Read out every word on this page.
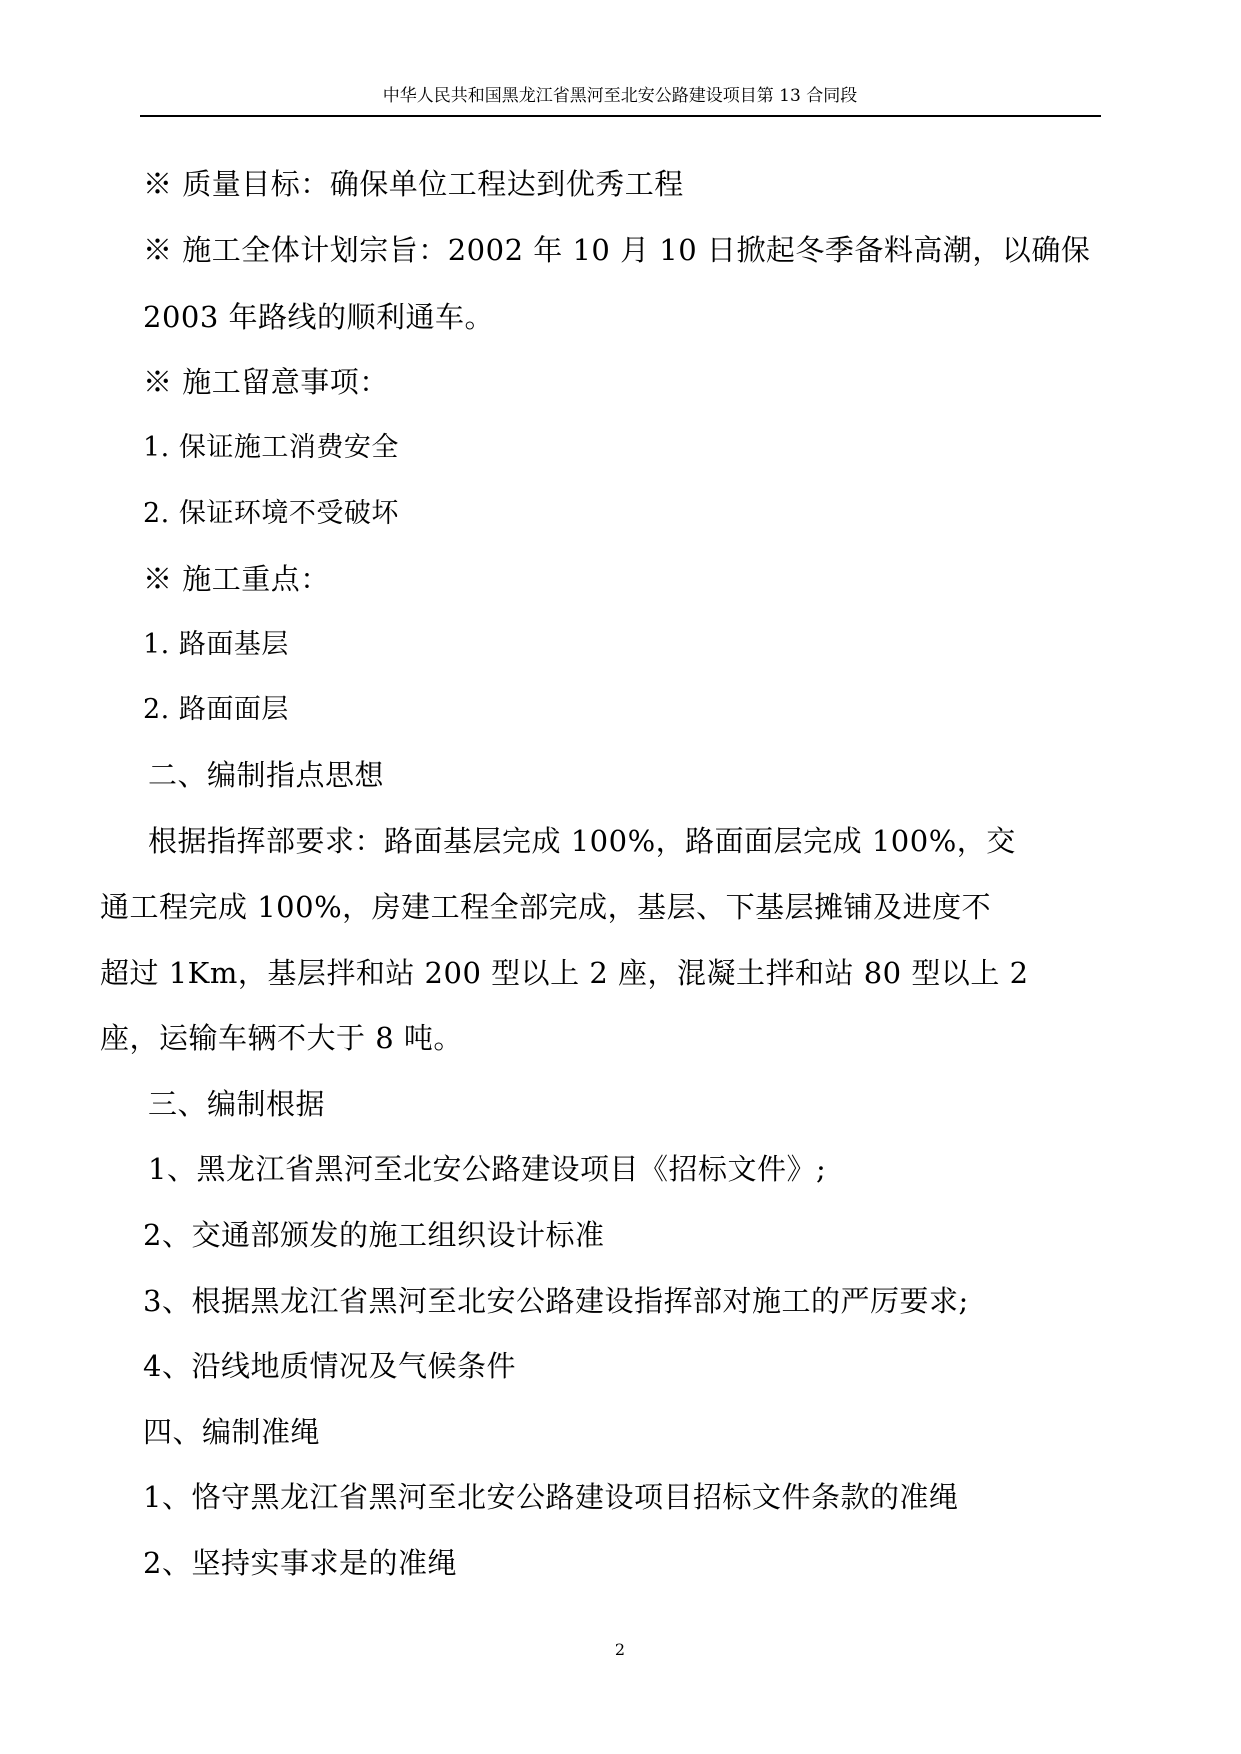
中华人民共和国黑龙江省黑河至北安公路建设项目第 13 合同段
※ 质量目标：确保单位工程达到优秀工程
※ 施工全体计划宗旨：2002 年 10 月 10 日掀起冬季备料高潮，以确保
2003 年路线的顺利通车。
※ 施工留意事项：
1. 保证施工消费安全
2. 保证环境不受破坏
※ 施工重点：
1. 路面基层
2. 路面面层
二、编制指点思想
根据指挥部要求：路面基层完成 100%，路面面层完成 100%，交
通工程完成 100%，房建工程全部完成，基层、下基层摊铺及进度不
超过 1Km，基层拌和站 200 型以上 2 座，混凝土拌和站 80 型以上 2
座，运输车辆不大于 8 吨。
三、编制根据
1、黑龙江省黑河至北安公路建设项目《招标文件》;
2、交通部颁发的施工组织设计标准
3、根据黑龙江省黑河至北安公路建设指挥部对施工的严厉要求;
4、沿线地质情况及气候条件
四、编制准绳
1、恪守黑龙江省黑河至北安公路建设项目招标文件条款的准绳
2、坚持实事求是的准绳
2
